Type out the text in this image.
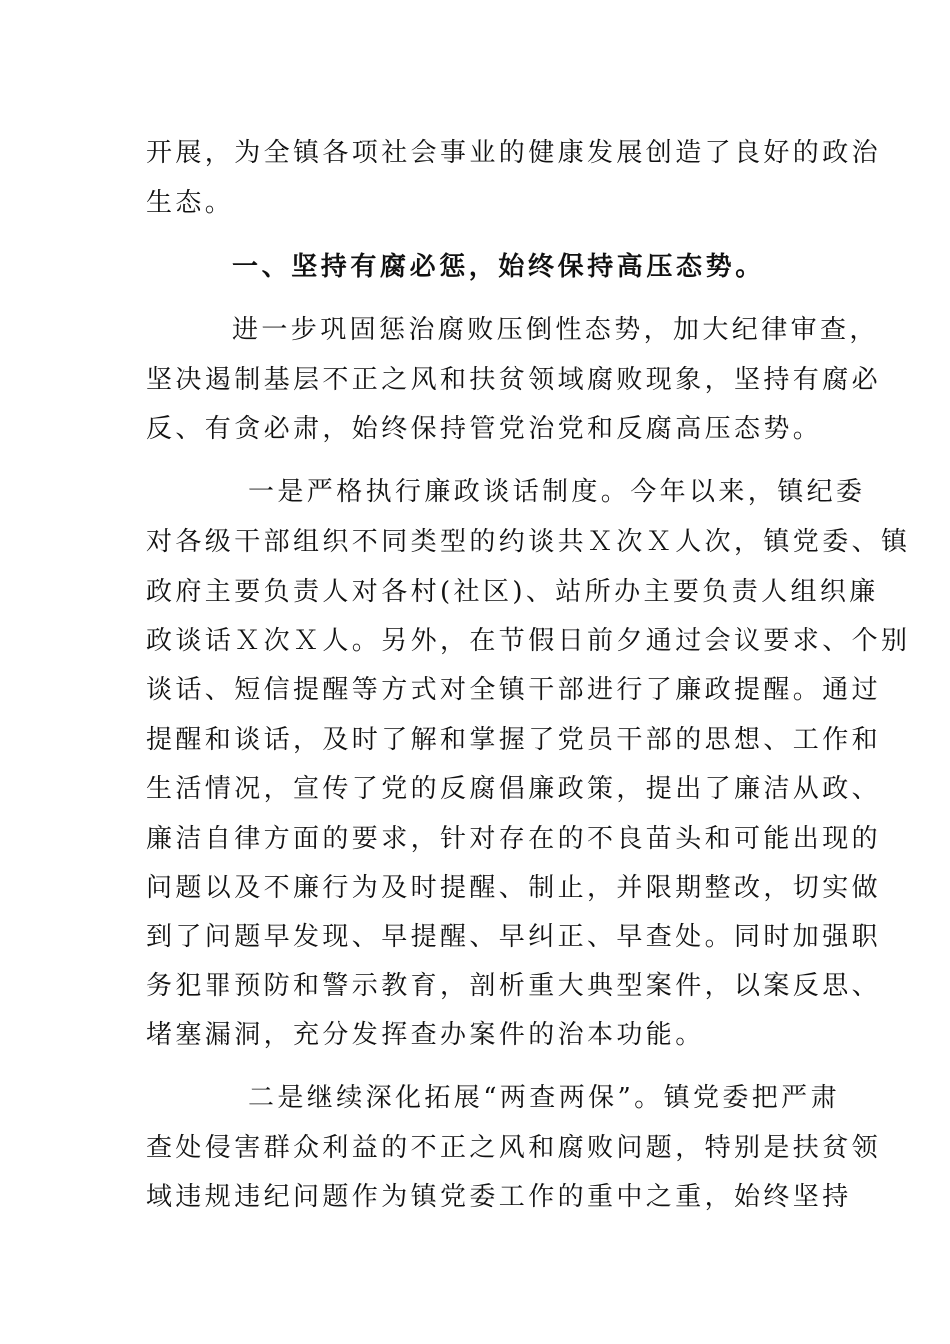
开展，为全镇各项社会事业的健康发展创造了良好的政治
生态。
一、坚持有腐必惩，始终保持高压态势。
进一步巩固惩治腐败压倒性态势，加大纪律审查，
坚决遏制基层不正之风和扶贫领域腐败现象，坚持有腐必
反、有贪必肃，始终保持管党治党和反腐高压态势。
一是严格执行廉政谈话制度。今年以来，镇纪委
对各级干部组织不同类型的约谈共Ｘ次Ｘ人次，镇党委、镇
政府主要负责人对各村(社区)、站所办主要负责人组织廉
政谈话Ｘ次Ｘ人。另外，在节假日前夕通过会议要求、个别
谈话、短信提醒等方式对全镇干部进行了廉政提醒。通过
提醒和谈话，及时了解和掌握了党员干部的思想、工作和
生活情况，宣传了党的反腐倡廉政策，提出了廉洁从政、
廉洁自律方面的要求，针对存在的不良苗头和可能出现的
问题以及不廉行为及时提醒、制止，并限期整改，切实做
到了问题早发现、早提醒、早纠正、早查处。同时加强职
务犯罪预防和警示教育，剖析重大典型案件，以案反思、
堵塞漏洞，充分发挥查办案件的治本功能。
二是继续深化拓展“两查两保”。镇党委把严肃
查处侵害群众利益的不正之风和腐败问题，特别是扶贫领
域违规违纪问题作为镇党委工作的重中之重，始终坚持
